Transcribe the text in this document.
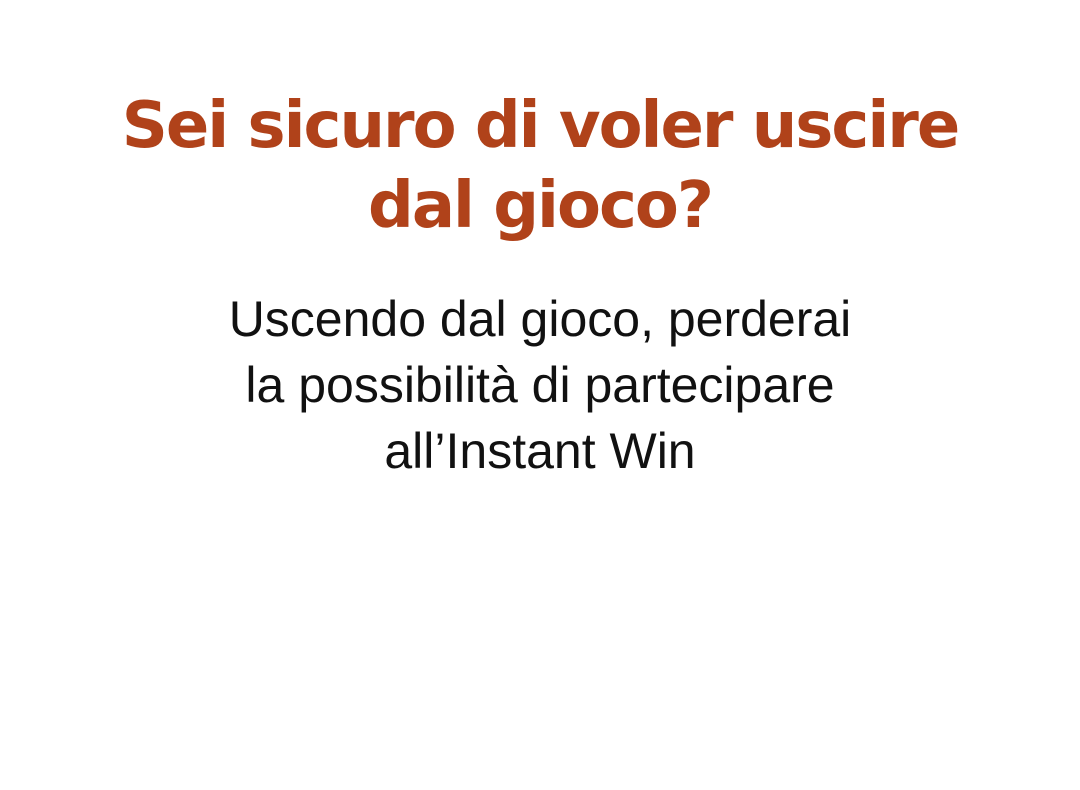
Sei sicuro di voler uscire
dal gioco?

Uscendo dal gioco, perderai
la possibilità di partecipare
all’Instant Win
